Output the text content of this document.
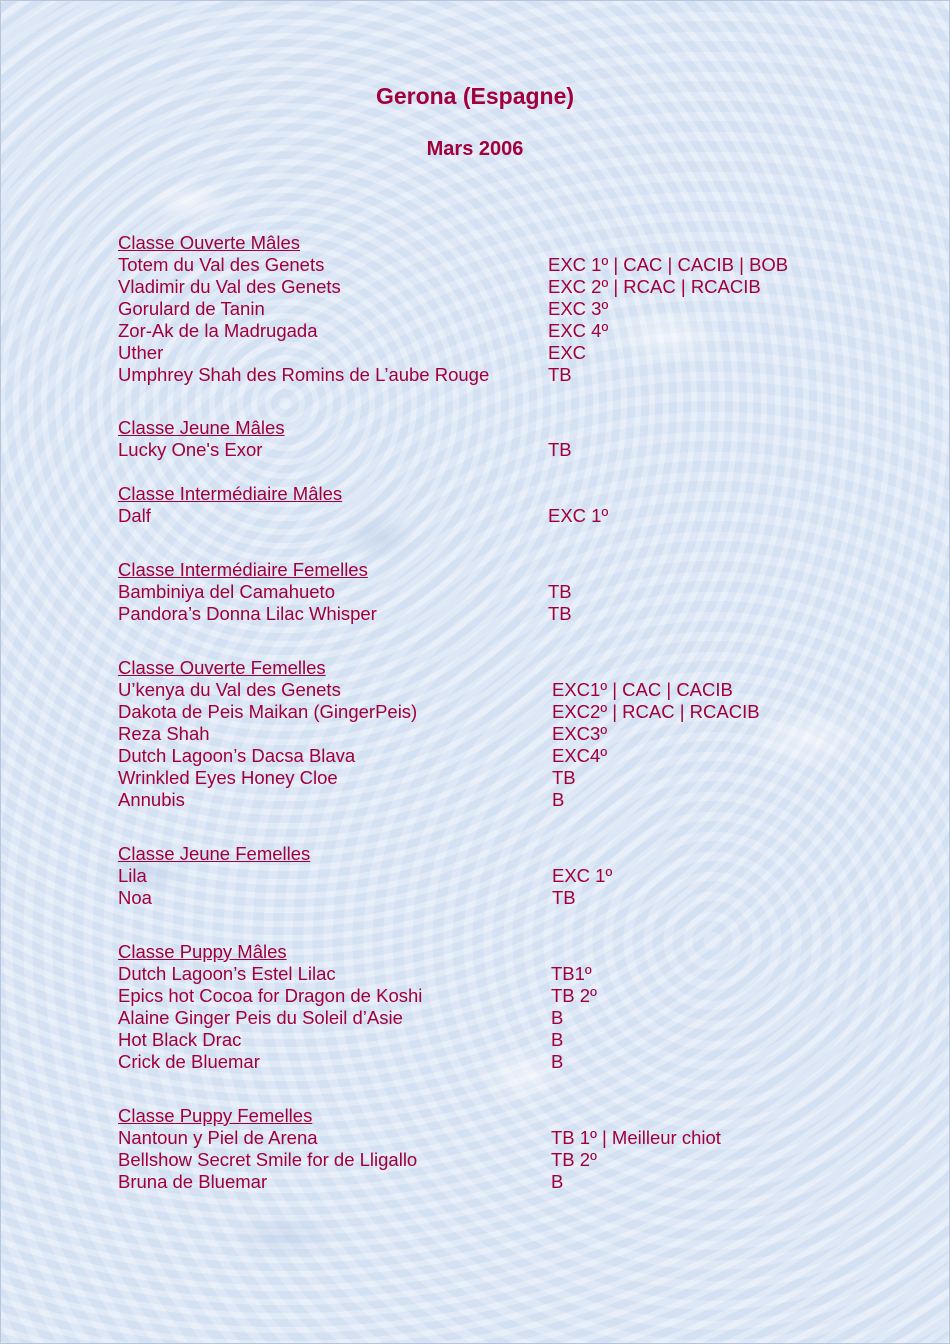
Gerona (Espagne)
Mars 2006
Classe Ouverte Mâles
Totem du Val des Genets	EXC 1º | CAC | CACIB | BOB
Vladimir du Val des Genets	EXC 2º | RCAC | RCACIB
Gorulard de Tanin	EXC 3º
Zor-Ak de la Madrugada	EXC 4º
Uther	EXC
Umphrey Shah des Romins de L’aube Rouge	TB
Classe Jeune Mâles
Lucky One's Exor	TB
Classe Intermédiaire Mâles
Dalf	EXC 1º
Classe Intermédiaire Femelles
Bambiniya del Camahueto	TB
Pandora’s Donna Lilac Whisper	TB
Classe Ouverte Femelles
U’kenya du Val des Genets	EXC1º | CAC | CACIB
Dakota de Peis Maikan (GingerPeis)	EXC2º | RCAC | RCACIB
Reza Shah	EXC3º
Dutch Lagoon’s Dacsa Blava	EXC4º
Wrinkled Eyes Honey Cloe	TB
Annubis	B
Classe Jeune Femelles
Lila	EXC 1º
Noa	TB
Classe Puppy Mâles
Dutch Lagoon’s Estel Lilac	TB1º
Epics hot Cocoa for Dragon de Koshi	TB 2º
Alaine Ginger Peis du Soleil d’Asie	B
Hot Black Drac	B
Crick de Bluemar	B
Classe Puppy Femelles
Nantoun y Piel de Arena	TB 1º | Meilleur chiot
Bellshow Secret Smile for de Lligallo	TB 2º
Bruna de Bluemar	B
